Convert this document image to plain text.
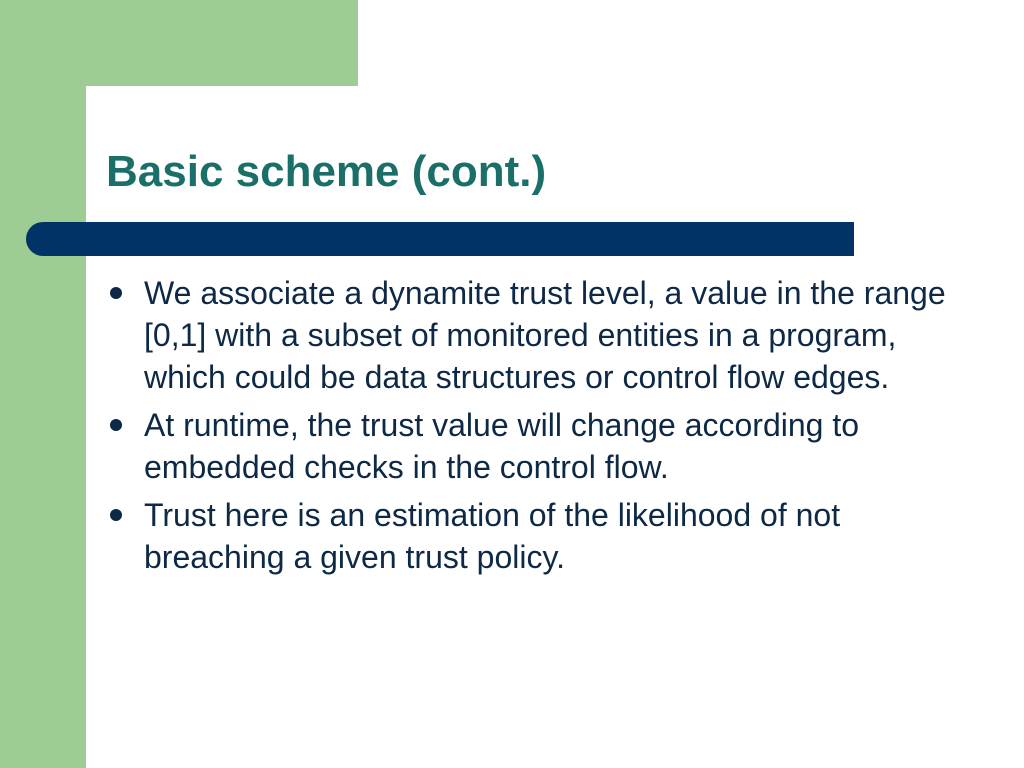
Basic scheme (cont.)
We associate a dynamite trust level, a value in the range [0,1] with a subset of monitored entities in a program, which could be data structures or control flow edges.
At runtime, the trust value will change according to embedded checks in the control flow.
Trust here is an estimation of the likelihood of not breaching a given trust policy.
